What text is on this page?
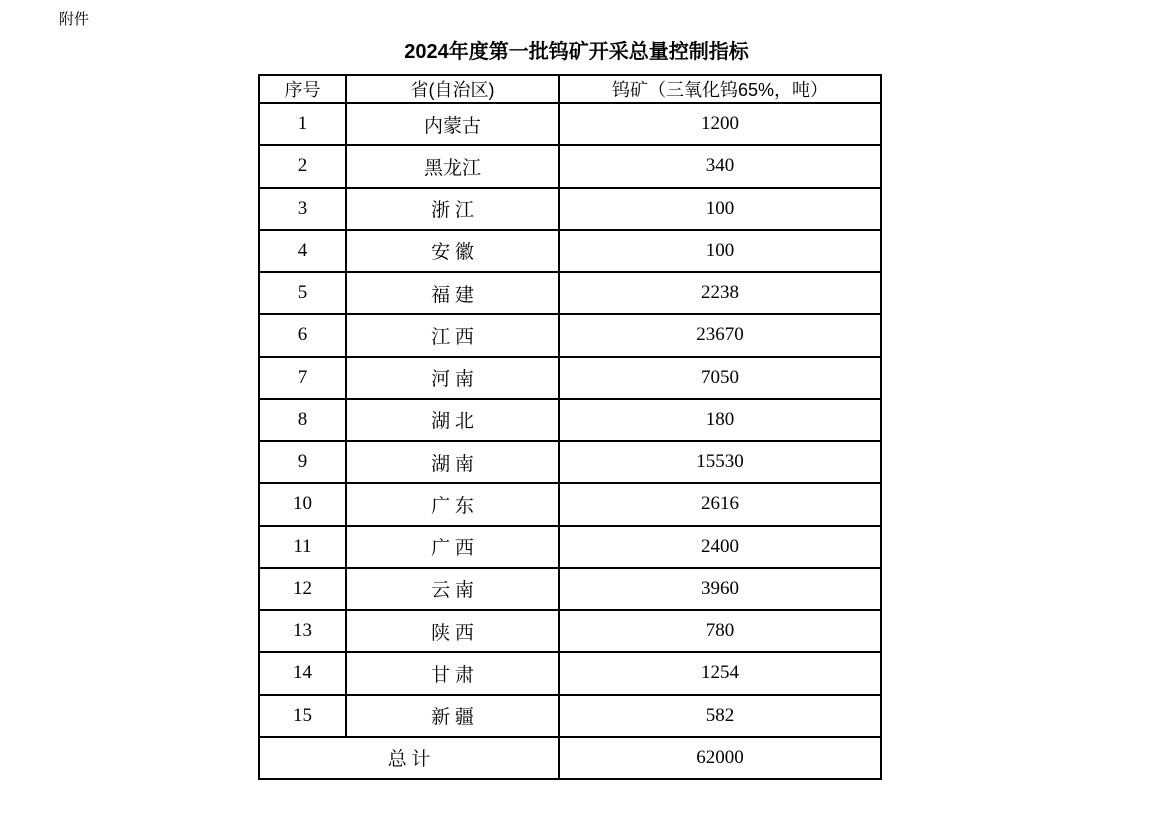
附件
2024年度第一批钨矿开采总量控制指标
序号	省(自治区)	钨矿（三氧化钨65%，吨）
1	内蒙古	1200
2	黑龙江	340
3	浙 江	100
4	安 徽	100
5	福 建	2238
6	江 西	23670
7	河 南	7050
8	湖 北	180
9	湖 南	15530
10	广 东	2616
11	广 西	2400
12	云 南	3960
13	陕 西	780
14	甘 肃	1254
15	新 疆	582
总 计		62000
